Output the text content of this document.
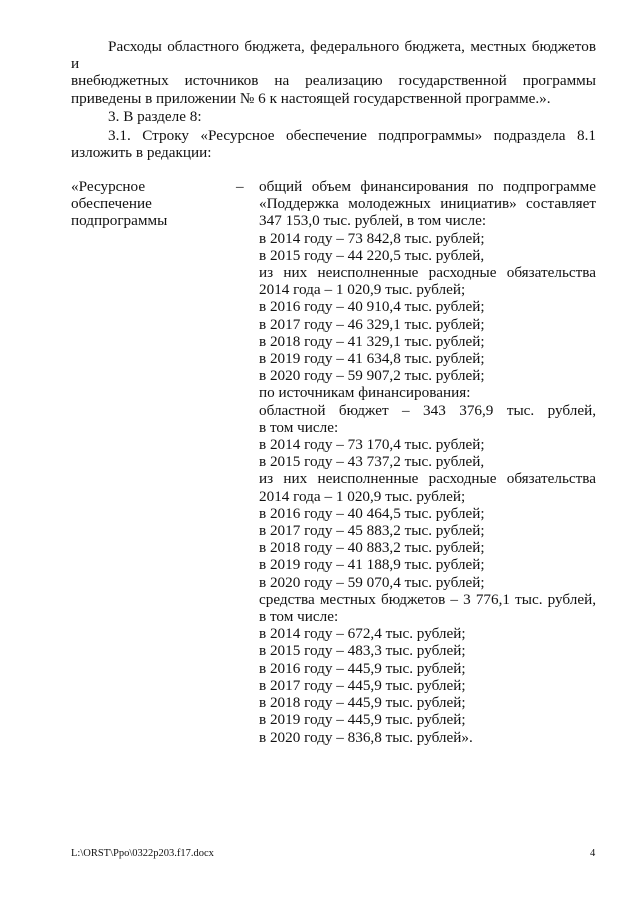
Расходы областного бюджета, федерального бюджета, местных бюджетов и
внебюджетных источников на реализацию государственной программы
приведены в приложении № 6 к настоящей государственной программе.».
3. В разделе 8:
3.1. Строку «Ресурсное обеспечение подпрограммы» подраздела 8.1
изложить в редакции:
«Ресурсное
обеспечение
подпрограммы
– общий объем финансирования по подпрограмме
«Поддержка молодежных инициатив» составляет
347 153,0 тыс. рублей, в том числе:
в 2014 году – 73 842,8 тыс. рублей;
в 2015 году – 44 220,5 тыс. рублей,
из них неисполненные расходные обязательства
2014 года – 1 020,9 тыс. рублей;
в 2016 году – 40 910,4 тыс. рублей;
в 2017 году – 46 329,1 тыс. рублей;
в 2018 году – 41 329,1 тыс. рублей;
в 2019 году – 41 634,8 тыс. рублей;
в 2020 году – 59 907,2 тыс. рублей;
по источникам финансирования:
областной бюджет – 343 376,9 тыс. рублей,
в том числе:
в 2014 году – 73 170,4 тыс. рублей;
в 2015 году – 43 737,2 тыс. рублей,
из них неисполненные расходные обязательства
2014 года – 1 020,9 тыс. рублей;
в 2016 году – 40 464,5 тыс. рублей;
в 2017 году – 45 883,2 тыс. рублей;
в 2018 году – 40 883,2 тыс. рублей;
в 2019 году – 41 188,9 тыс. рублей;
в 2020 году – 59 070,4 тыс. рублей;
средства местных бюджетов – 3 776,1 тыс. рублей,
в том числе:
в 2014 году – 672,4 тыс. рублей;
в 2015 году – 483,3 тыс. рублей;
в 2016 году – 445,9 тыс. рублей;
в 2017 году – 445,9 тыс. рублей;
в 2018 году – 445,9 тыс. рублей;
в 2019 году – 445,9 тыс. рублей;
в 2020 году – 836,8 тыс. рублей».
L:\ORST\Ppo\0322p203.f17.docx	4
